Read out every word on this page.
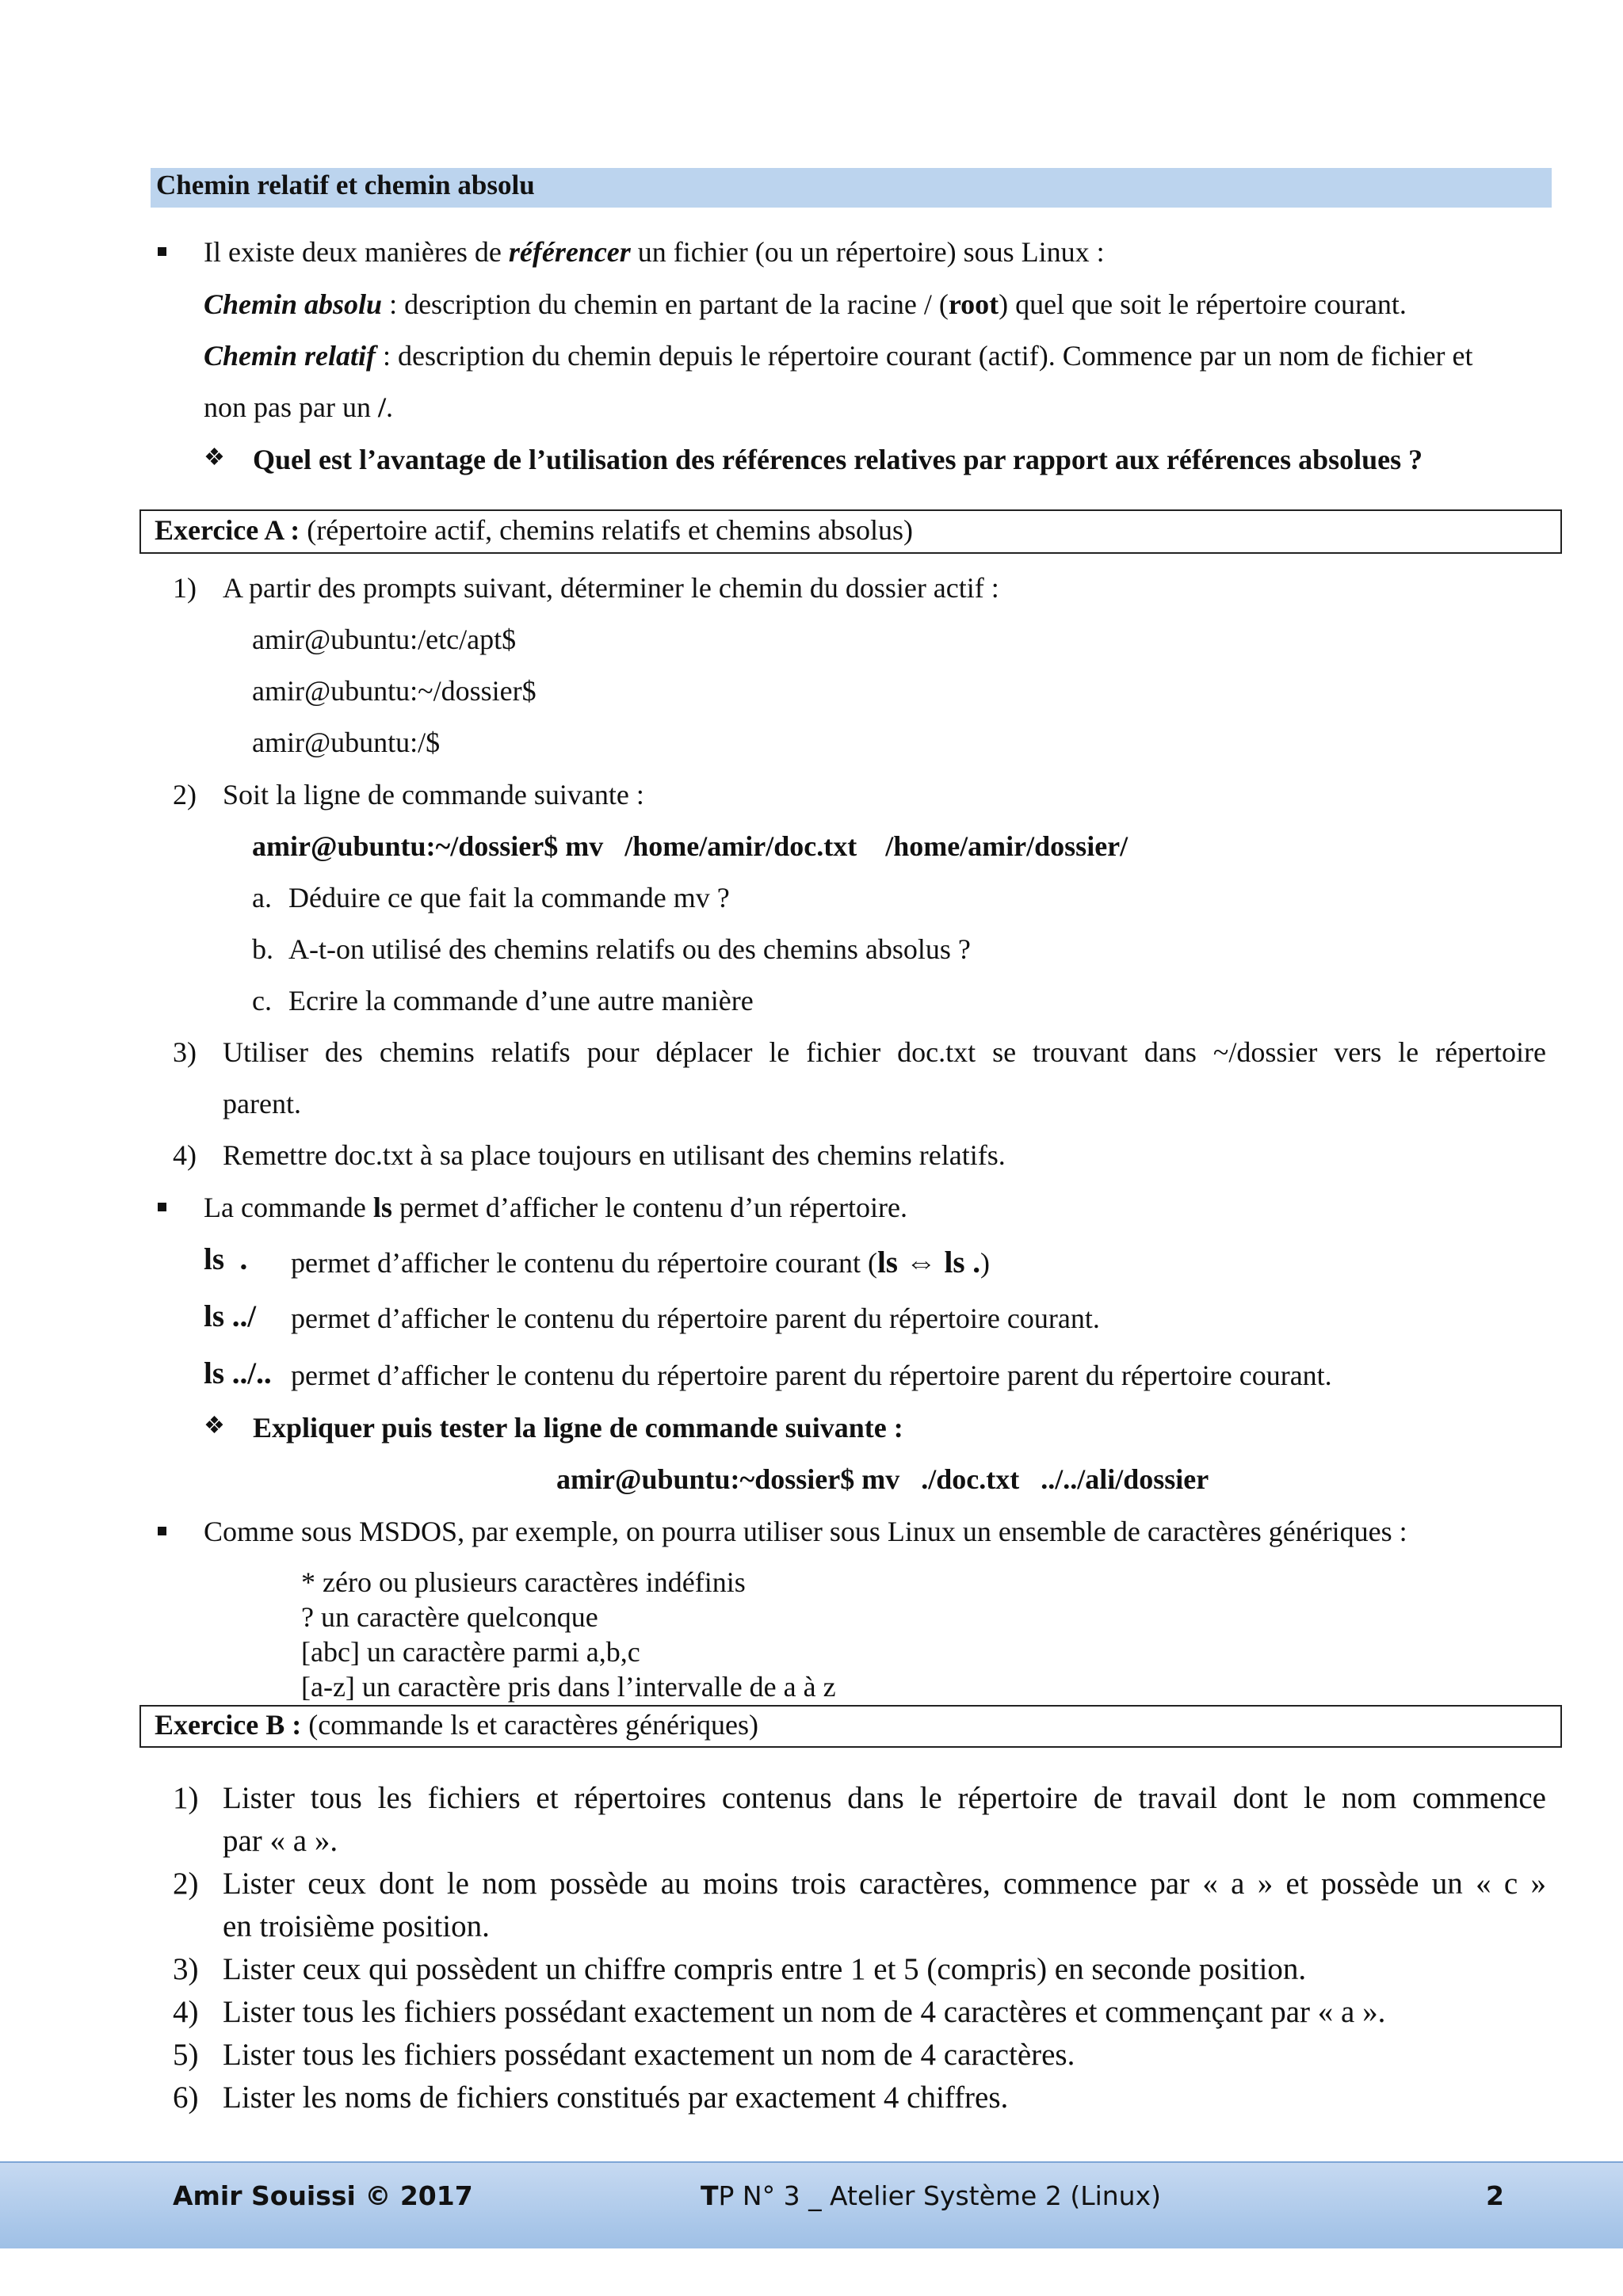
Chemin relatif et chemin absolu
Il existe deux manières de référencer un fichier (ou un répertoire) sous Linux :
Chemin absolu : description du chemin en partant de la racine / (root) quel que soit le répertoire courant.
Chemin relatif : description du chemin depuis le répertoire courant (actif). Commence par un nom de fichier et
non pas par un /.
❖ Quel est l’avantage de l’utilisation des références relatives par rapport aux références absolues ?
Exercice A : (répertoire actif, chemins relatifs et chemins absolus)
1) A partir des prompts suivant, déterminer le chemin du dossier actif :
amir@ubuntu:/etc/apt$
amir@ubuntu:~/dossier$
amir@ubuntu:/$
2) Soit la ligne de commande suivante :
amir@ubuntu:~/dossier$ mv   /home/amir/doc.txt    /home/amir/dossier/
a. Déduire ce que fait la commande mv ?
b. A-t-on utilisé des chemins relatifs ou des chemins absolus ?
c. Ecrire la commande d’une autre manière
3) Utiliser des chemins relatifs pour déplacer le fichier doc.txt se trouvant dans ~/dossier vers le répertoire
parent.
4) Remettre doc.txt à sa place toujours en utilisant des chemins relatifs.
La commande ls permet d’afficher le contenu d’un répertoire.
ls  . permet d’afficher le contenu du répertoire courant (ls ⇔ ls .)
ls ../ permet d’afficher le contenu du répertoire parent du répertoire courant.
ls ../.. permet d’afficher le contenu du répertoire parent du répertoire parent du répertoire courant.
❖ Expliquer puis tester la ligne de commande suivante :
amir@ubuntu:~dossier$ mv   ./doc.txt   ../../ali/dossier
Comme sous MSDOS, par exemple, on pourra utiliser sous Linux un ensemble de caractères génériques :
* zéro ou plusieurs caractères indéfinis
? un caractère quelconque
[abc] un caractère parmi a,b,c
[a-z] un caractère pris dans l’intervalle de a à z
Exercice B : (commande ls et caractères génériques)
1) Lister tous les fichiers et répertoires contenus dans le répertoire de travail dont le nom commence
par « a ».
2) Lister ceux dont le nom possède au moins trois caractères, commence par « a » et possède un « c »
en troisième position.
3) Lister ceux qui possèdent un chiffre compris entre 1 et 5 (compris) en seconde position.
4) Lister tous les fichiers possédant exactement un nom de 4 caractères et commençant par « a ».
5) Lister tous les fichiers possédant exactement un nom de 4 caractères.
6) Lister les noms de fichiers constitués par exactement 4 chiffres.
Amir Souissi © 2017	TP N° 3 _ Atelier Système 2 (Linux)	2
